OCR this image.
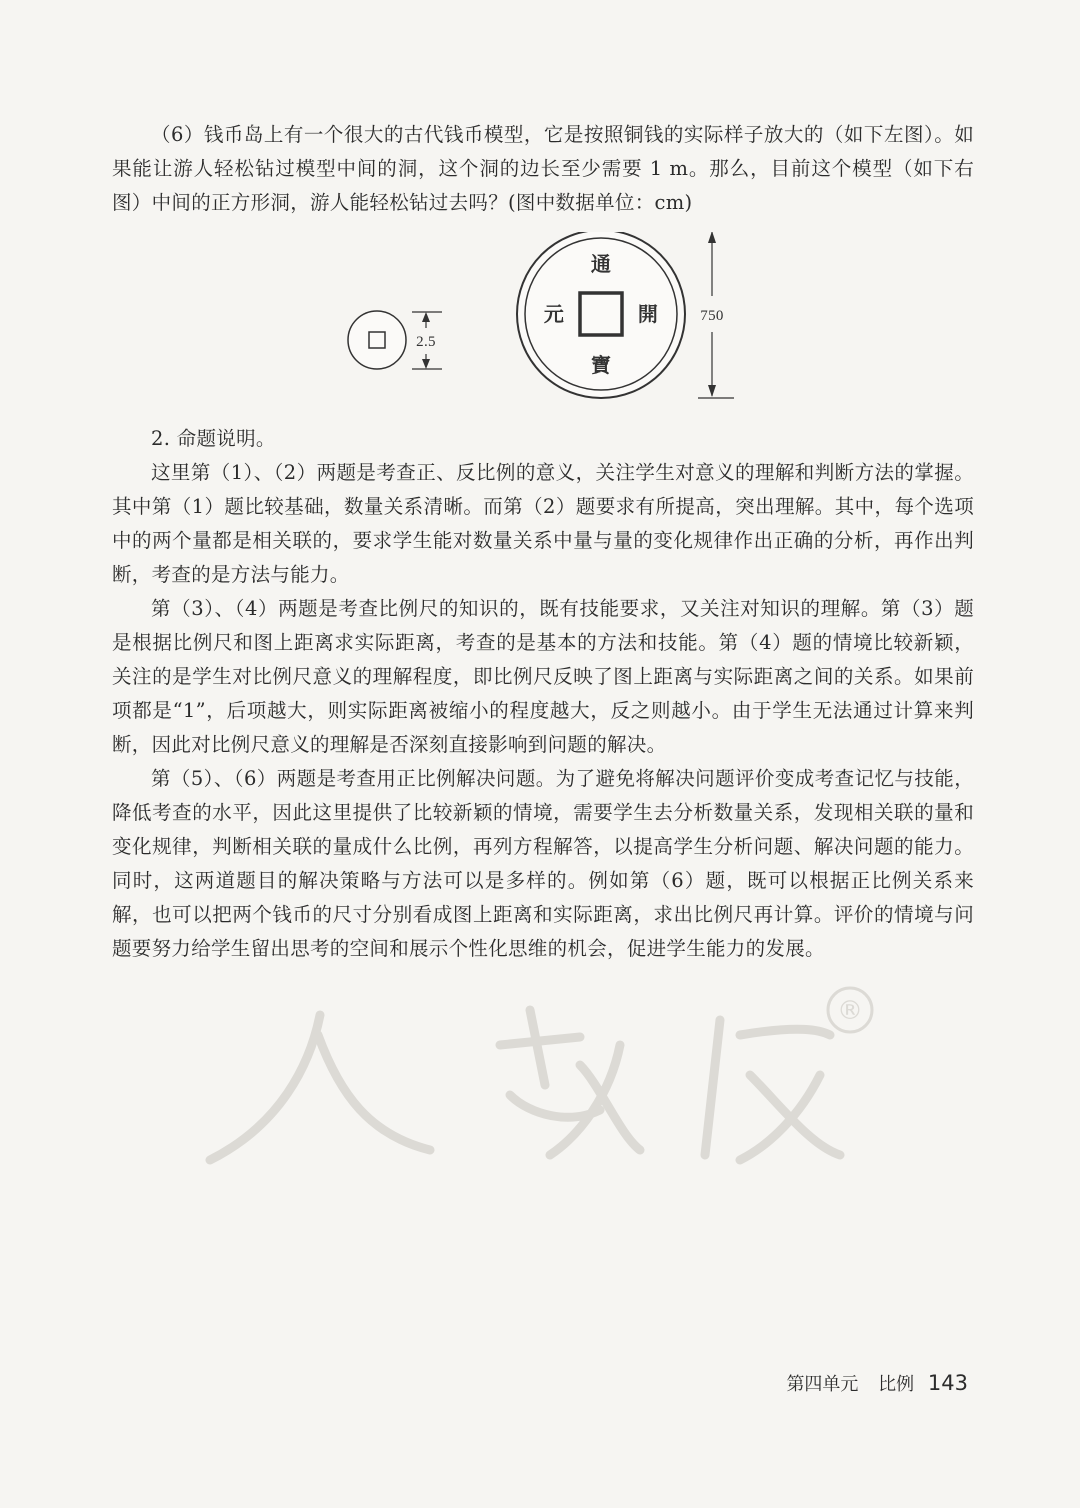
（6）钱币岛上有一个很大的古代钱币模型，它是按照铜钱的实际样子放大的（如下左图）。如果能让游人轻松钻过模型中间的洞，这个洞的边长至少需要 1 m。那么，目前这个模型（如下右图）中间的正方形洞，游人能轻松钻过去吗？(图中数据单位：cm)

2.5
通
開
寶
元	750

2. 命题说明。

这里第（1）、（2）两题是考查正、反比例的意义，关注学生对意义的理解和判断方法的掌握。其中第（1）题比较基础，数量关系清晰。而第（2）题要求有所提高，突出理解。其中，每个选项中的两个量都是相关联的，要求学生能对数量关系中量与量的变化规律作出正确的分析，再作出判断，考查的是方法与能力。

第（3）、（4）两题是考查比例尺的知识的，既有技能要求，又关注对知识的理解。第（3）题是根据比例尺和图上距离求实际距离，考查的是基本的方法和技能。第（4）题的情境比较新颖，关注的是学生对比例尺意义的理解程度，即比例尺反映了图上距离与实际距离之间的关系。如果前项都是“1”，后项越大，则实际距离被缩小的程度越大，反之则越小。由于学生无法通过计算来判断，因此对比例尺意义的理解是否深刻直接影响到问题的解决。

第（5）、（6）两题是考查用正比例解决问题。为了避免将解决问题评价变成考查记忆与技能，降低考查的水平，因此这里提供了比较新颖的情境，需要学生去分析数量关系，发现相关联的量和变化规律，判断相关联的量成什么比例，再列方程解答，以提高学生分析问题、解决问题的能力。同时，这两道题目的解决策略与方法可以是多样的。例如第（6）题，既可以根据正比例关系来解，也可以把两个钱币的尺寸分别看成图上距离和实际距离，求出比例尺再计算。评价的情境与问题要努力给学生留出思考的空间和展示个性化思维的机会，促进学生能力的发展。

®
第四单元 比例 143
